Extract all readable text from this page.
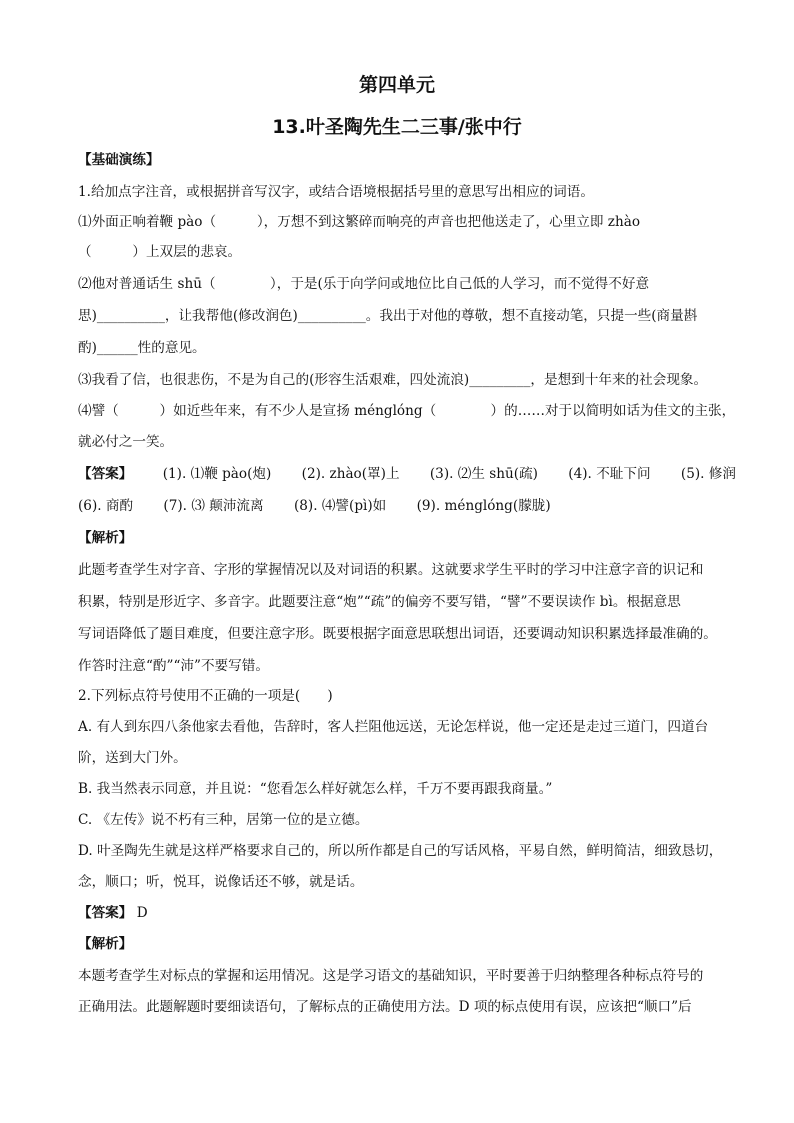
第四单元
13.叶圣陶先生二三事/张中行
【基础演练】
1.给加点字注音，或根据拼音写汉字，或结合语境根据括号里的意思写出相应的词语。
⑴外面正响着鞭 pào（　　　），万想不到这繁碎而响亮的声音也把他送走了，心里立即 zhào
（　　　）上双层的悲哀。
⑵他对普通话生 shū（　　　　），于是(乐于向学问或地位比自己低的人学习，而不觉得不好意
思)__________，让我帮他(修改润色)__________。我出于对他的尊敬，想不直接动笔，只提一些(商量斟
酌)______性的意见。
⑶我看了信，也很悲伤，不是为自己的(形容生活艰难，四处流浪)_________，是想到十年来的社会现象。
⑷譬（　　　）如近些年来，有不少人是宣扬 ménglóng（　　　　）的……对于以简明如话为佳文的主张，
就必付之一笑。
【答案】 (1). ⑴鞭 pào(炮) (2). zhào(罩)上 (3). ⑵生 shū(疏) (4). 不耻下问 (5). 修润
(6). 商酌 (7). ⑶ 颠沛流离 (8). ⑷譬(pì)如 (9). ménglóng(朦胧)
【解析】
此题考查学生对字音、字形的掌握情况以及对词语的积累。这就要求学生平时的学习中注意字音的识记和
积累，特别是形近字、多音字。此题要注意“炮”“疏”的偏旁不要写错，“譬”不要误读作 bì。根据意思
写词语降低了题目难度，但要注意字形。既要根据字面意思联想出词语，还要调动知识积累选择最准确的。
作答时注意“酌”“沛”不要写错。
2.下列标点符号使用不正确的一项是(　　)
A. 有人到东四八条他家去看他，告辞时，客人拦阻他远送，无论怎样说，他一定还是走过三道门，四道台
阶，送到大门外。
B. 我当然表示同意，并且说：“您看怎么样好就怎么样，千万不要再跟我商量。”
C. 《左传》说不朽有三种，居第一位的是立德。
D. 叶圣陶先生就是这样严格要求自己的，所以所作都是自己的写话风格，平易自然，鲜明简洁，细致恳切，
念，顺口；听，悦耳，说像话还不够，就是话。
【答案】 D
【解析】
本题考查学生对标点的掌握和运用情况。这是学习语文的基础知识，平时要善于归纳整理各种标点符号的
正确用法。此题解题时要细读语句，了解标点的正确使用方法。D 项的标点使用有误，应该把“顺口”后
